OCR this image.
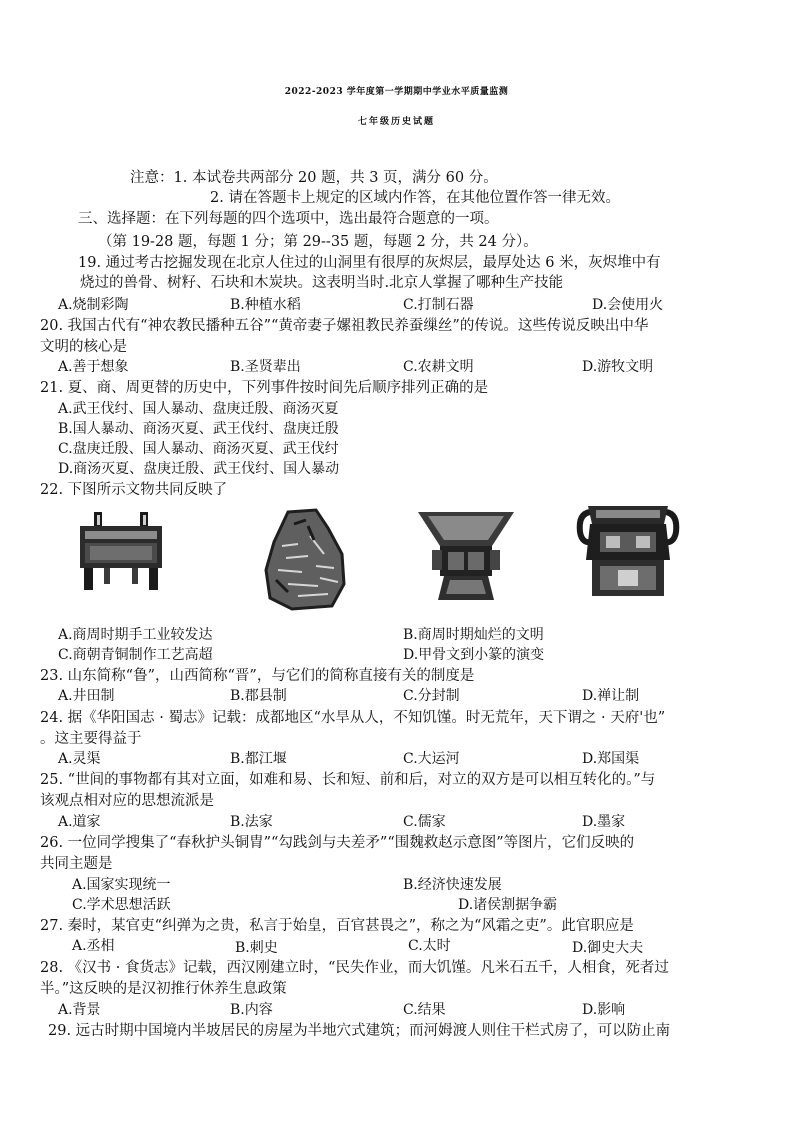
2022-2023 学年度第一学期期中学业水平质量监测
七年级历史试题
注意：1. 本试卷共两部分 20 题，共 3 页，满分 60 分。
2. 请在答题卡上规定的区域内作答，在其他位置作答一律无效。
三、选择题：在下列每题的四个选项中，选出最符合题意的一项。
（第 19-28 题，每题 1 分；第 29--35 题，每题 2 分，共 24 分）。
19. 通过考古挖掘发现在北京人住过的山洞里有很厚的灰烬层，最厚处达 6 米，灰烬堆中有
烧过的兽骨、树籽、石块和木炭块。这表明当时.北京人掌握了哪种生产技能
A.烧制彩陶	B.种植水稻	C.打制石器	D.会使用火
20. 我国古代有“神农教民播种五谷”“黄帝妻子嫘祖教民养蚕缫丝”的传说。这些传说反映出中华
文明的核心是
A.善于想象	B.圣贤辈出	C.农耕文明	D.游牧文明
21. 夏、商、周更替的历史中，下列事件按时间先后顺序排列正确的是
A.武王伐纣、国人暴动、盘庚迁殷、商汤灭夏
B.国人暴动、商汤灭夏、武王伐纣、盘庚迁殷
C.盘庚迁殷、国人暴动、商汤灭夏、武王伐纣
D.商汤灭夏、盘庚迁殷、武王伐纣、国人暴动
22. 下图所示文物共同反映了
A.商周时期手工业较发达	B.商周时期灿烂的文明
C.商朝青铜制作工艺高超	D.甲骨文到小篆的演变
23. 山东简称“鲁”，山西简称“晋”，与它们的简称直接有关的制度是
A.井田制	B.郡县制	C.分封制	D.禅让制
24. 据《华阳国志 · 蜀志》记载：成都地区“水旱从人，不知饥馑。时无荒年，天下谓之 · 天府'也”
。这主要得益于
A.灵渠	B.都江堰	C.大运河	D.郑国渠
25. “世间的事物都有其对立面，如难和易、长和短、前和后，对立的双方是可以相互转化的。”与
该观点相对应的思想流派是
A.道家	B.法家	C.儒家	D.墨家
26. 一位同学搜集了“春秋护头铜胄”“勾践剑与夫差矛”“围魏救赵示意图”等图片，它们反映的
共同主题是
A.国家实现统一	B.经济快速发展
C.学术思想活跃	D.诸侯割据争霸
27. 秦时，某官吏“纠弹为之贵，私言于始皇，百官甚畏之”，称之为“风霜之吏”。此官职应是
A.丞相	B.刺史	C.太时	D.御史大夫
28. 《汉书 · 食货志》记载，西汉刚建立时，“民失作业，而大饥馑。凡米石五千，人相食，死者过
半。”这反映的是汉初推行休养生息政策
A.背景	B.内容	C.结果	D.影响
29. 远古时期中国境内半坡居民的房屋为半地穴式建筑；而河姆渡人则住干栏式房了，可以防止南
